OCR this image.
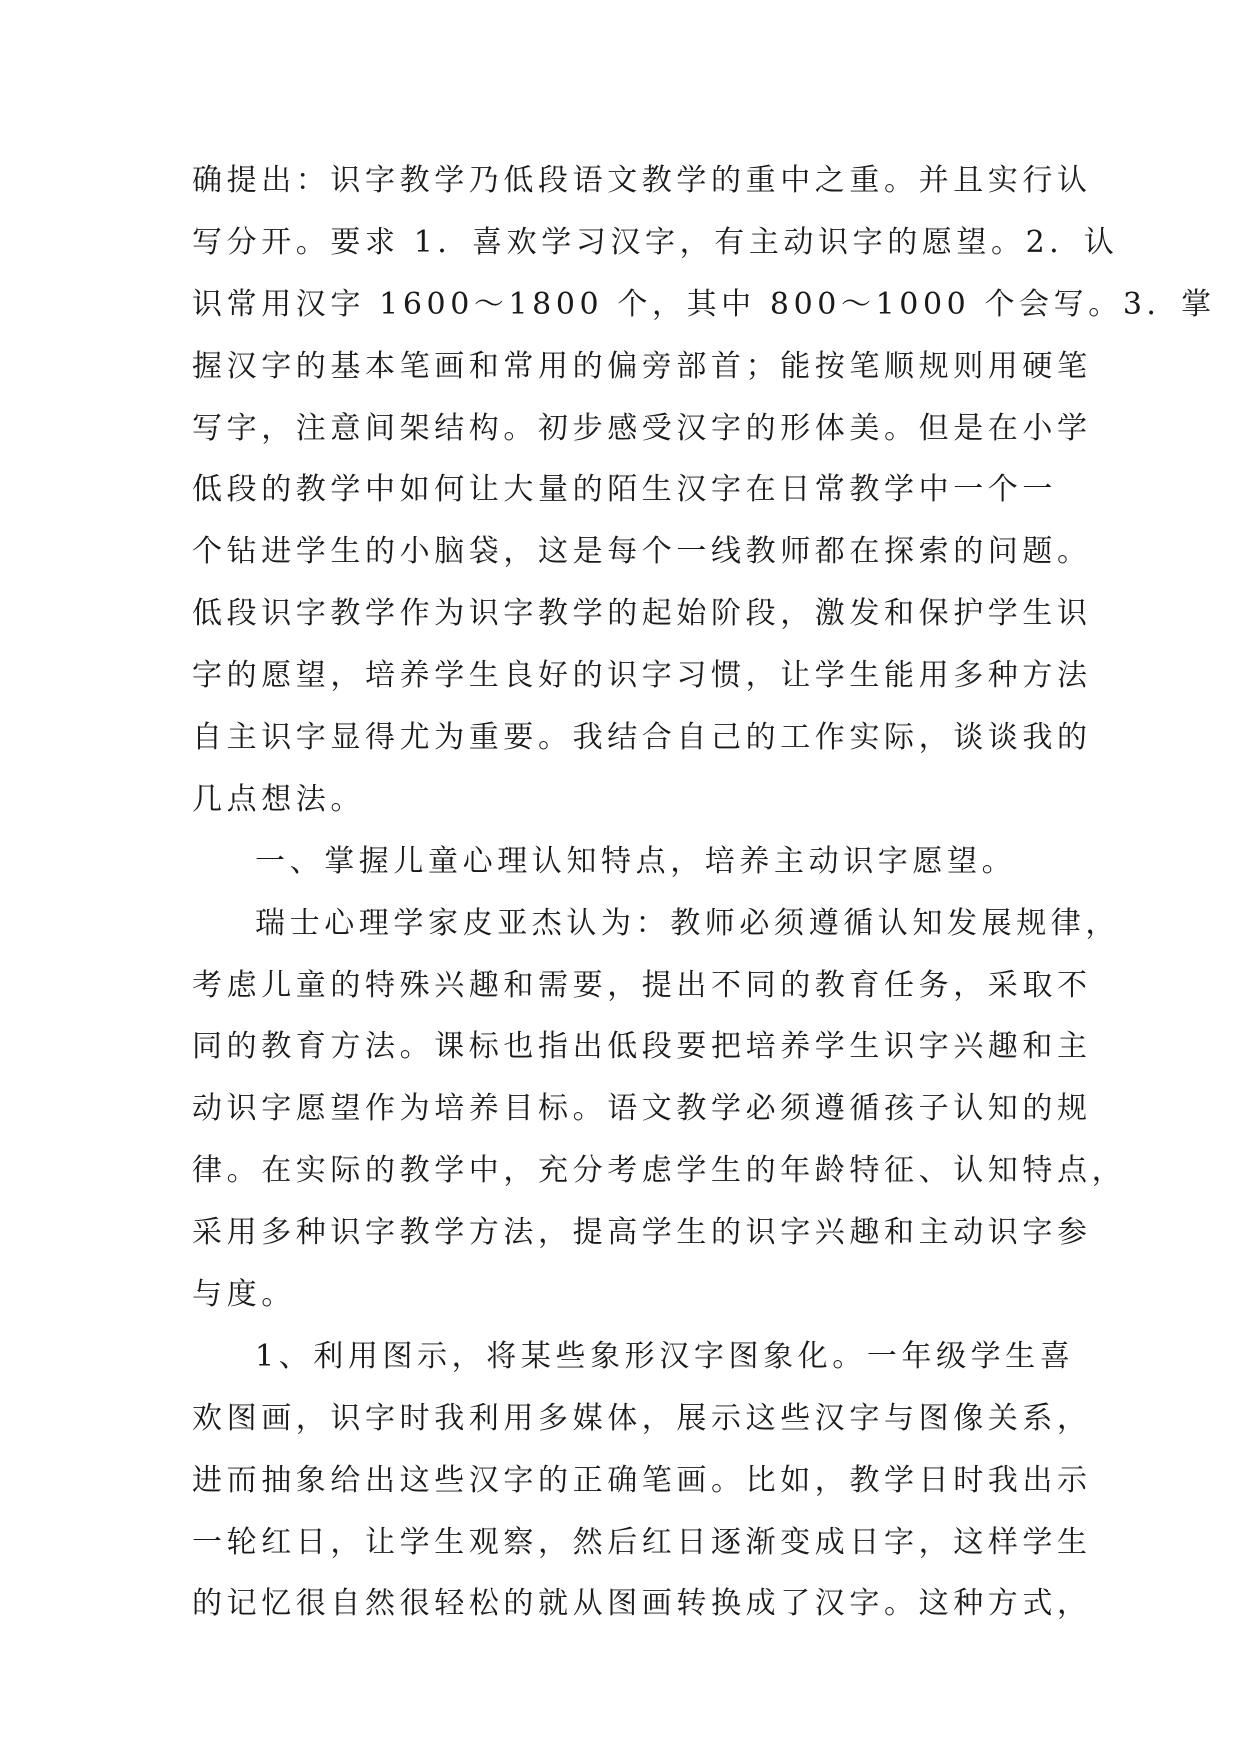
确提出：识字教学乃低段语文教学的重中之重。并且实行认
写分开。要求 1．喜欢学习汉字，有主动识字的愿望。2．认
识常用汉字 1600～1800 个，其中 800～1000 个会写。3．掌
握汉字的基本笔画和常用的偏旁部首；能按笔顺规则用硬笔
写字，注意间架结构。初步感受汉字的形体美。但是在小学
低段的教学中如何让大量的陌生汉字在日常教学中一个一
个钻进学生的小脑袋，这是每个一线教师都在探索的问题。
低段识字教学作为识字教学的起始阶段，激发和保护学生识
字的愿望，培养学生良好的识字习惯，让学生能用多种方法
自主识字显得尤为重要。我结合自己的工作实际，谈谈我的
几点想法。
一、掌握儿童心理认知特点，培养主动识字愿望。
瑞士心理学家皮亚杰认为：教师必须遵循认知发展规律，
考虑儿童的特殊兴趣和需要，提出不同的教育任务，采取不
同的教育方法。课标也指出低段要把培养学生识字兴趣和主
动识字愿望作为培养目标。语文教学必须遵循孩子认知的规
律。在实际的教学中，充分考虑学生的年龄特征、认知特点，
采用多种识字教学方法，提高学生的识字兴趣和主动识字参
与度。
1、利用图示，将某些象形汉字图象化。一年级学生喜
欢图画，识字时我利用多媒体，展示这些汉字与图像关系，
进而抽象给出这些汉字的正确笔画。比如，教学日时我出示
一轮红日，让学生观察，然后红日逐渐变成日字，这样学生
的记忆很自然很轻松的就从图画转换成了汉字。这种方式，
